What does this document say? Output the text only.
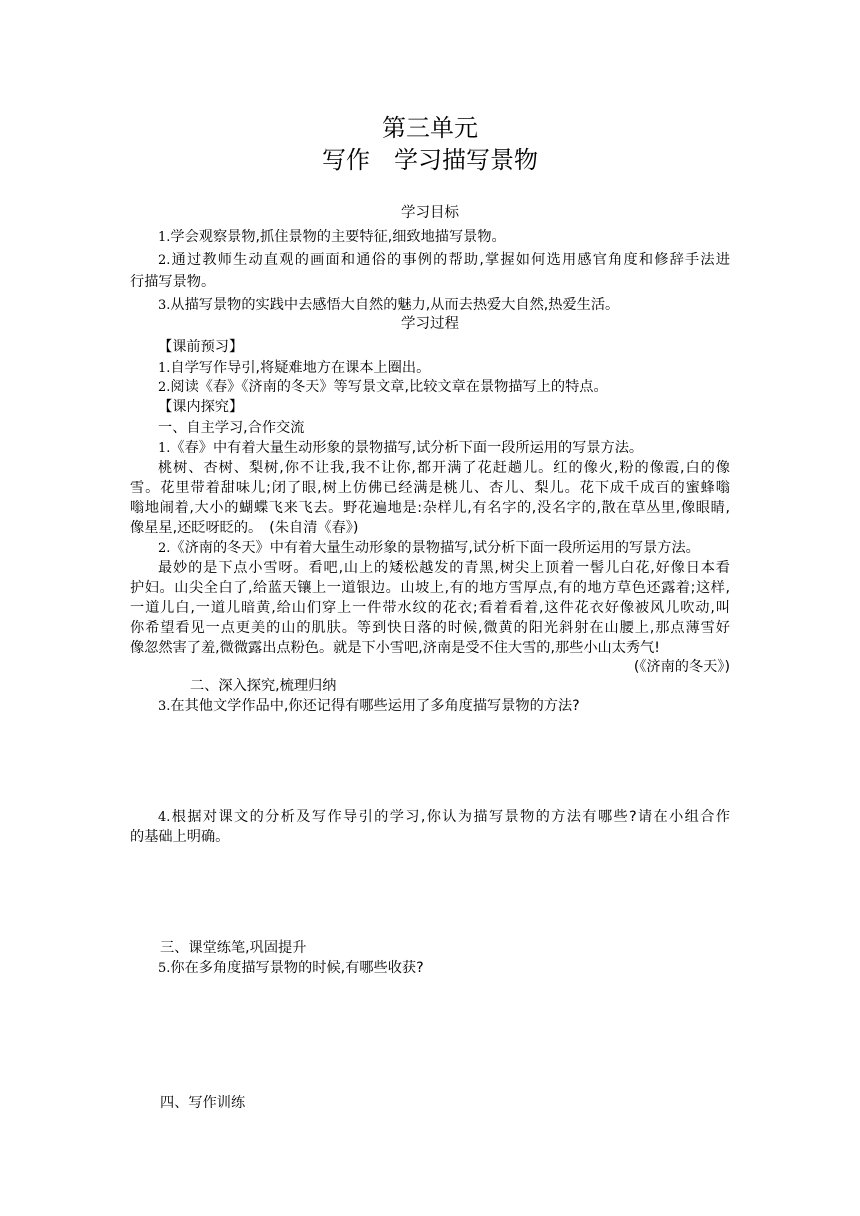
第三单元
写作　学习描写景物
学习目标
1.学会观察景物,抓住景物的主要特征,细致地描写景物。
2.通过教师生动直观的画面和通俗的事例的帮助,掌握如何选用感官角度和修辞手法进
行描写景物。
3.从描写景物的实践中去感悟大自然的魅力,从而去热爱大自然,热爱生活。
学习过程
【课前预习】
1.自学写作导引,将疑难地方在课本上圈出。
2.阅读《春》《济南的冬天》等写景文章,比较文章在景物描写上的特点。
【课内探究】
一、自主学习,合作交流
1.《春》中有着大量生动形象的景物描写,试分析下面一段所运用的写景方法。
桃树、杏树、梨树,你不让我,我不让你,都开满了花赶趟儿。红的像火,粉的像霞,白的像
雪。花里带着甜味儿;闭了眼,树上仿佛已经满是桃儿、杏儿、梨儿。花下成千成百的蜜蜂嗡
嗡地闹着,大小的蝴蝶飞来飞去。野花遍地是:杂样儿,有名字的,没名字的,散在草丛里,像眼睛,
像星星,还眨呀眨的。　(朱自清《春》)
2.《济南的冬天》中有着大量生动形象的景物描写,试分析下面一段所运用的写景方法。
最妙的是下点小雪呀。看吧,山上的矮松越发的青黑,树尖上顶着一髻儿白花,好像日本看
护妇。山尖全白了,给蓝天镶上一道银边。山坡上,有的地方雪厚点,有的地方草色还露着;这样,
一道儿白,一道儿暗黄,给山们穿上一件带水纹的花衣;看着看着,这件花衣好像被风儿吹动,叫
你希望看见一点更美的山的肌肤。等到快日落的时候,微黄的阳光斜射在山腰上,那点薄雪好
像忽然害了羞,微微露出点粉色。就是下小雪吧,济南是受不住大雪的,那些小山太秀气!
(《济南的冬天》)
二、深入探究,梳理归纳
3.在其他文学作品中,你还记得有哪些运用了多角度描写景物的方法?
4.根据对课文的分析及写作导引的学习,你认为描写景物的方法有哪些?请在小组合作
的基础上明确。
三、课堂练笔,巩固提升
5.你在多角度描写景物的时候,有哪些收获?
四、写作训练
